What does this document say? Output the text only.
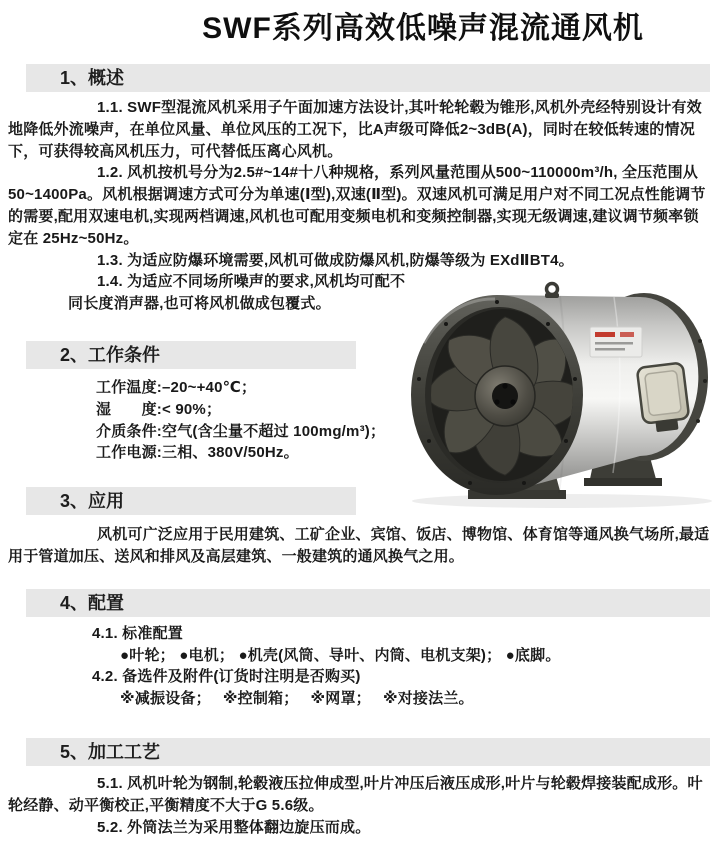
SWF系列高效低噪声混流通风机
1、概述

1.1. SWF型混流风机采用子午面加速方法设计,其叶轮轮毂为锥形,风机外壳经特别设计有效地降低外流噪声，在单位风量、单位风压的工况下，比A声级可降低2~3dB(A)，同时在较低转速的情况下，可获得较高风机压力，可代替低压离心风机。

1.2. 风机按机号分为2.5#~14#十八种规格，系列风量范围从500~110000m³/h, 全压范围从50~1400Pa。风机根据调速方式可分为单速(Ⅰ型),双速(Ⅱ型)。双速风机可满足用户对不同工况点性能调节的需要,配用双速电机,实现两档调速,风机也可配用变频电机和变频控制器,实现无级调速,建议调节频率锁定在 25Hz~50Hz。

1.3. 为适应防爆环境需要,风机可做成防爆风机,防爆等级为 EXdⅡBT4。

1.4. 为适应不同场所噪声的要求,风机均可配不同长度消声器,也可将风机做成包覆式。

2、工作条件
工作温度:–20~+40℃；
湿　　度:< 90%；
介质条件:空气(含尘量不超过 100mg/m³)；
工作电源:三相、380V/50Hz。
3、应用

风机可广泛应用于民用建筑、工矿企业、宾馆、饭店、博物馆、体育馆等通风换气场所,最适用于管道加压、送风和排风及高层建筑、一般建筑的通风换气之用。

4、配置

4.1. 标准配置

●叶轮； ●电机； ●机壳(风筒、导叶、内筒、电机支架)； ●底脚。

4.2. 备选件及附件(订货时注明是否购买)

※减振设备；　 ※控制箱；　 ※网罩；　 ※对接法兰。

5、加工工艺

5.1. 风机叶轮为钢制,轮毂液压拉伸成型,叶片冲压后液压成形,叶片与轮毂焊接装配成形。叶轮经静、动平衡校正,平衡精度不大于G 5.6级。

5.2. 外筒法兰为采用整体翻边旋压而成。
